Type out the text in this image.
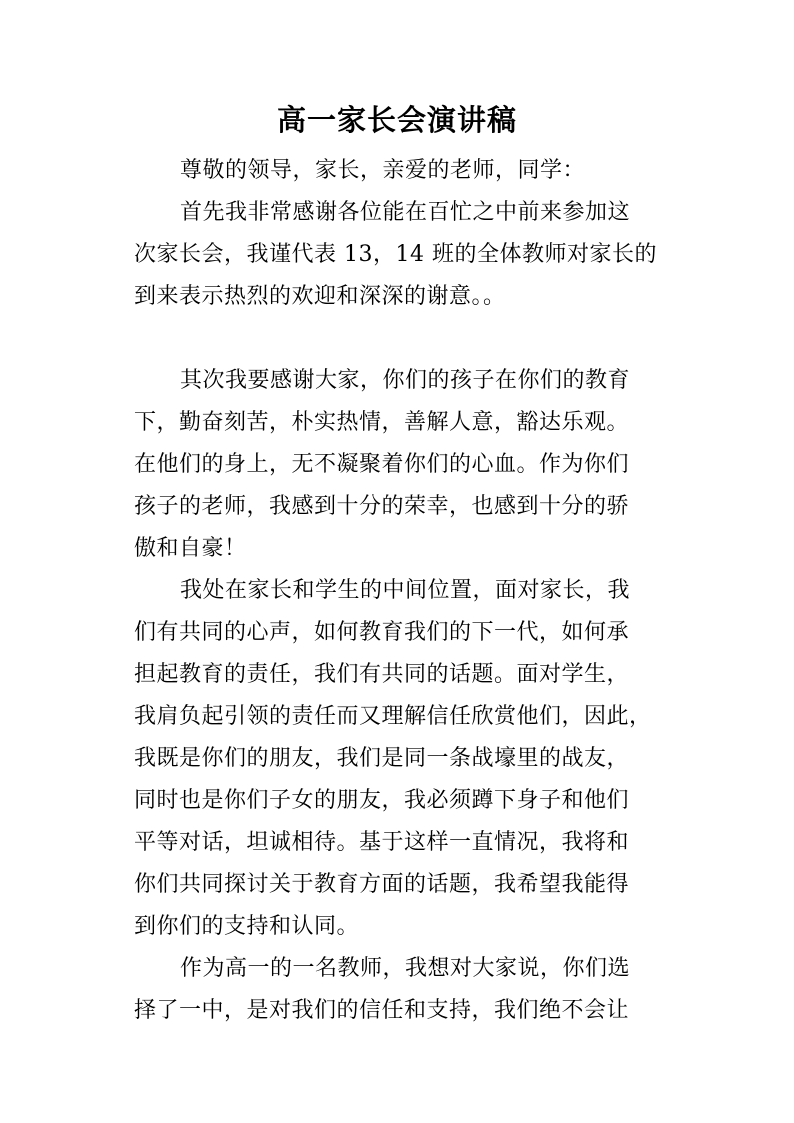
高一家长会演讲稿
尊敬的领导，家长，亲爱的老师，同学：
首先我非常感谢各位能在百忙之中前来参加这
次家长会，我谨代表 13，14 班的全体教师对家长的
到来表示热烈的欢迎和深深的谢意。。
其次我要感谢大家，你们的孩子在你们的教育
下，勤奋刻苦，朴实热情，善解人意，豁达乐观。
在他们的身上，无不凝聚着你们的心血。作为你们
孩子的老师，我感到十分的荣幸，也感到十分的骄
傲和自豪！
我处在家长和学生的中间位置，面对家长，我
们有共同的心声，如何教育我们的下一代，如何承
担起教育的责任，我们有共同的话题。面对学生，
我肩负起引领的责任而又理解信任欣赏他们，因此，
我既是你们的朋友，我们是同一条战壕里的战友，
同时也是你们子女的朋友，我必须蹲下身子和他们
平等对话，坦诚相待。基于这样一直情况，我将和
你们共同探讨关于教育方面的话题，我希望我能得
到你们的支持和认同。
作为高一的一名教师，我想对大家说，你们选
择了一中，是对我们的信任和支持，我们绝不会让
